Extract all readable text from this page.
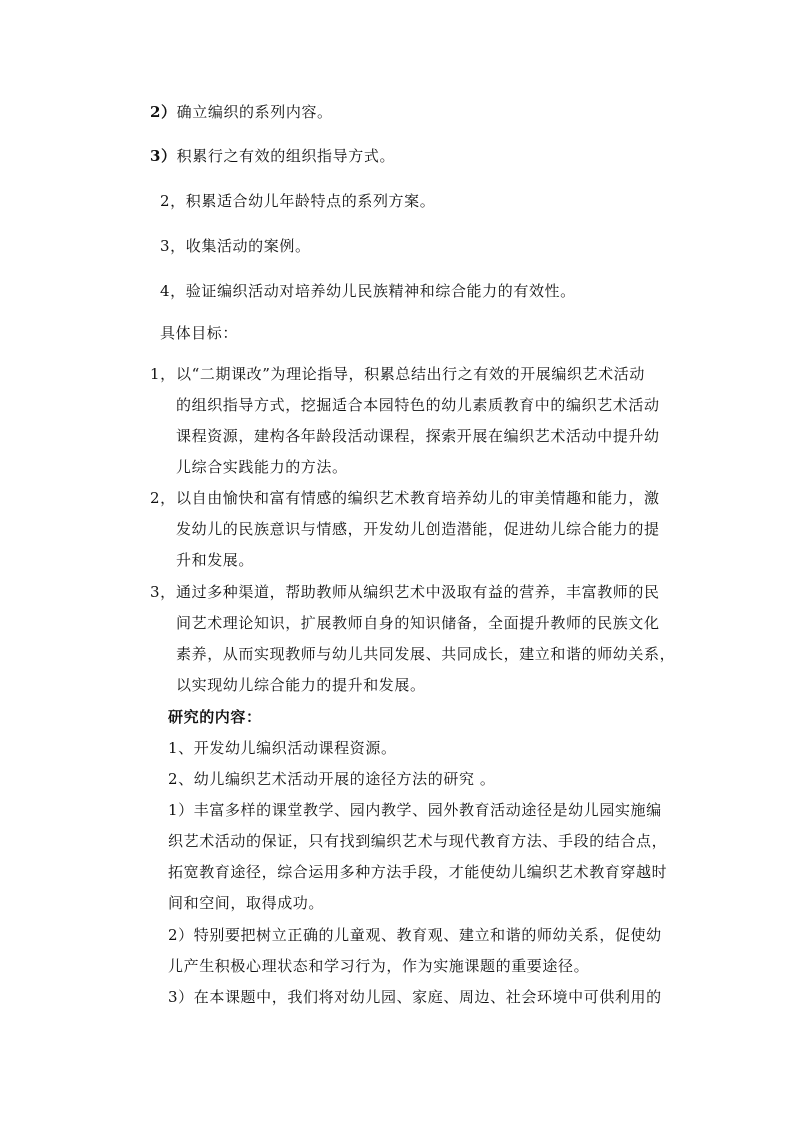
2）确立编织的系列内容。
3）积累行之有效的组织指导方式。
2，积累适合幼儿年龄特点的系列方案。
3，收集活动的案例。
4，验证编织活动对培养幼儿民族精神和综合能力的有效性。
具体目标：
1， 以“二期课改”为理论指导，积累总结出行之有效的开展编织艺术活动
的组织指导方式，挖掘适合本园特色的幼儿素质教育中的编织艺术活动
课程资源，建构各年龄段活动课程，探索开展在编织艺术活动中提升幼
儿综合实践能力的方法。
2， 以自由愉快和富有情感的编织艺术教育培养幼儿的审美情趣和能力，激
发幼儿的民族意识与情感，开发幼儿创造潜能，促进幼儿综合能力的提
升和发展。
3， 通过多种渠道，帮助教师从编织艺术中汲取有益的营养，丰富教师的民
间艺术理论知识，扩展教师自身的知识储备，全面提升教师的民族文化
素养，从而实现教师与幼儿共同发展、共同成长，建立和谐的师幼关系，
以实现幼儿综合能力的提升和发展。
研究的内容：
1、开发幼儿编织活动课程资源。
2、幼儿编织艺术活动开展的途径方法的研究 。
1）丰富多样的课堂教学、园内教学、园外教育活动途径是幼儿园实施编
织艺术活动的保证，只有找到编织艺术与现代教育方法、手段的结合点，
拓宽教育途径，综合运用多种方法手段，才能使幼儿编织艺术教育穿越时
间和空间，取得成功。
2）特别要把树立正确的儿童观、教育观、建立和谐的师幼关系，促使幼
儿产生积极心理状态和学习行为，作为实施课题的重要途径。
3）在本课题中，我们将对幼儿园、家庭、周边、社会环境中可供利用的
